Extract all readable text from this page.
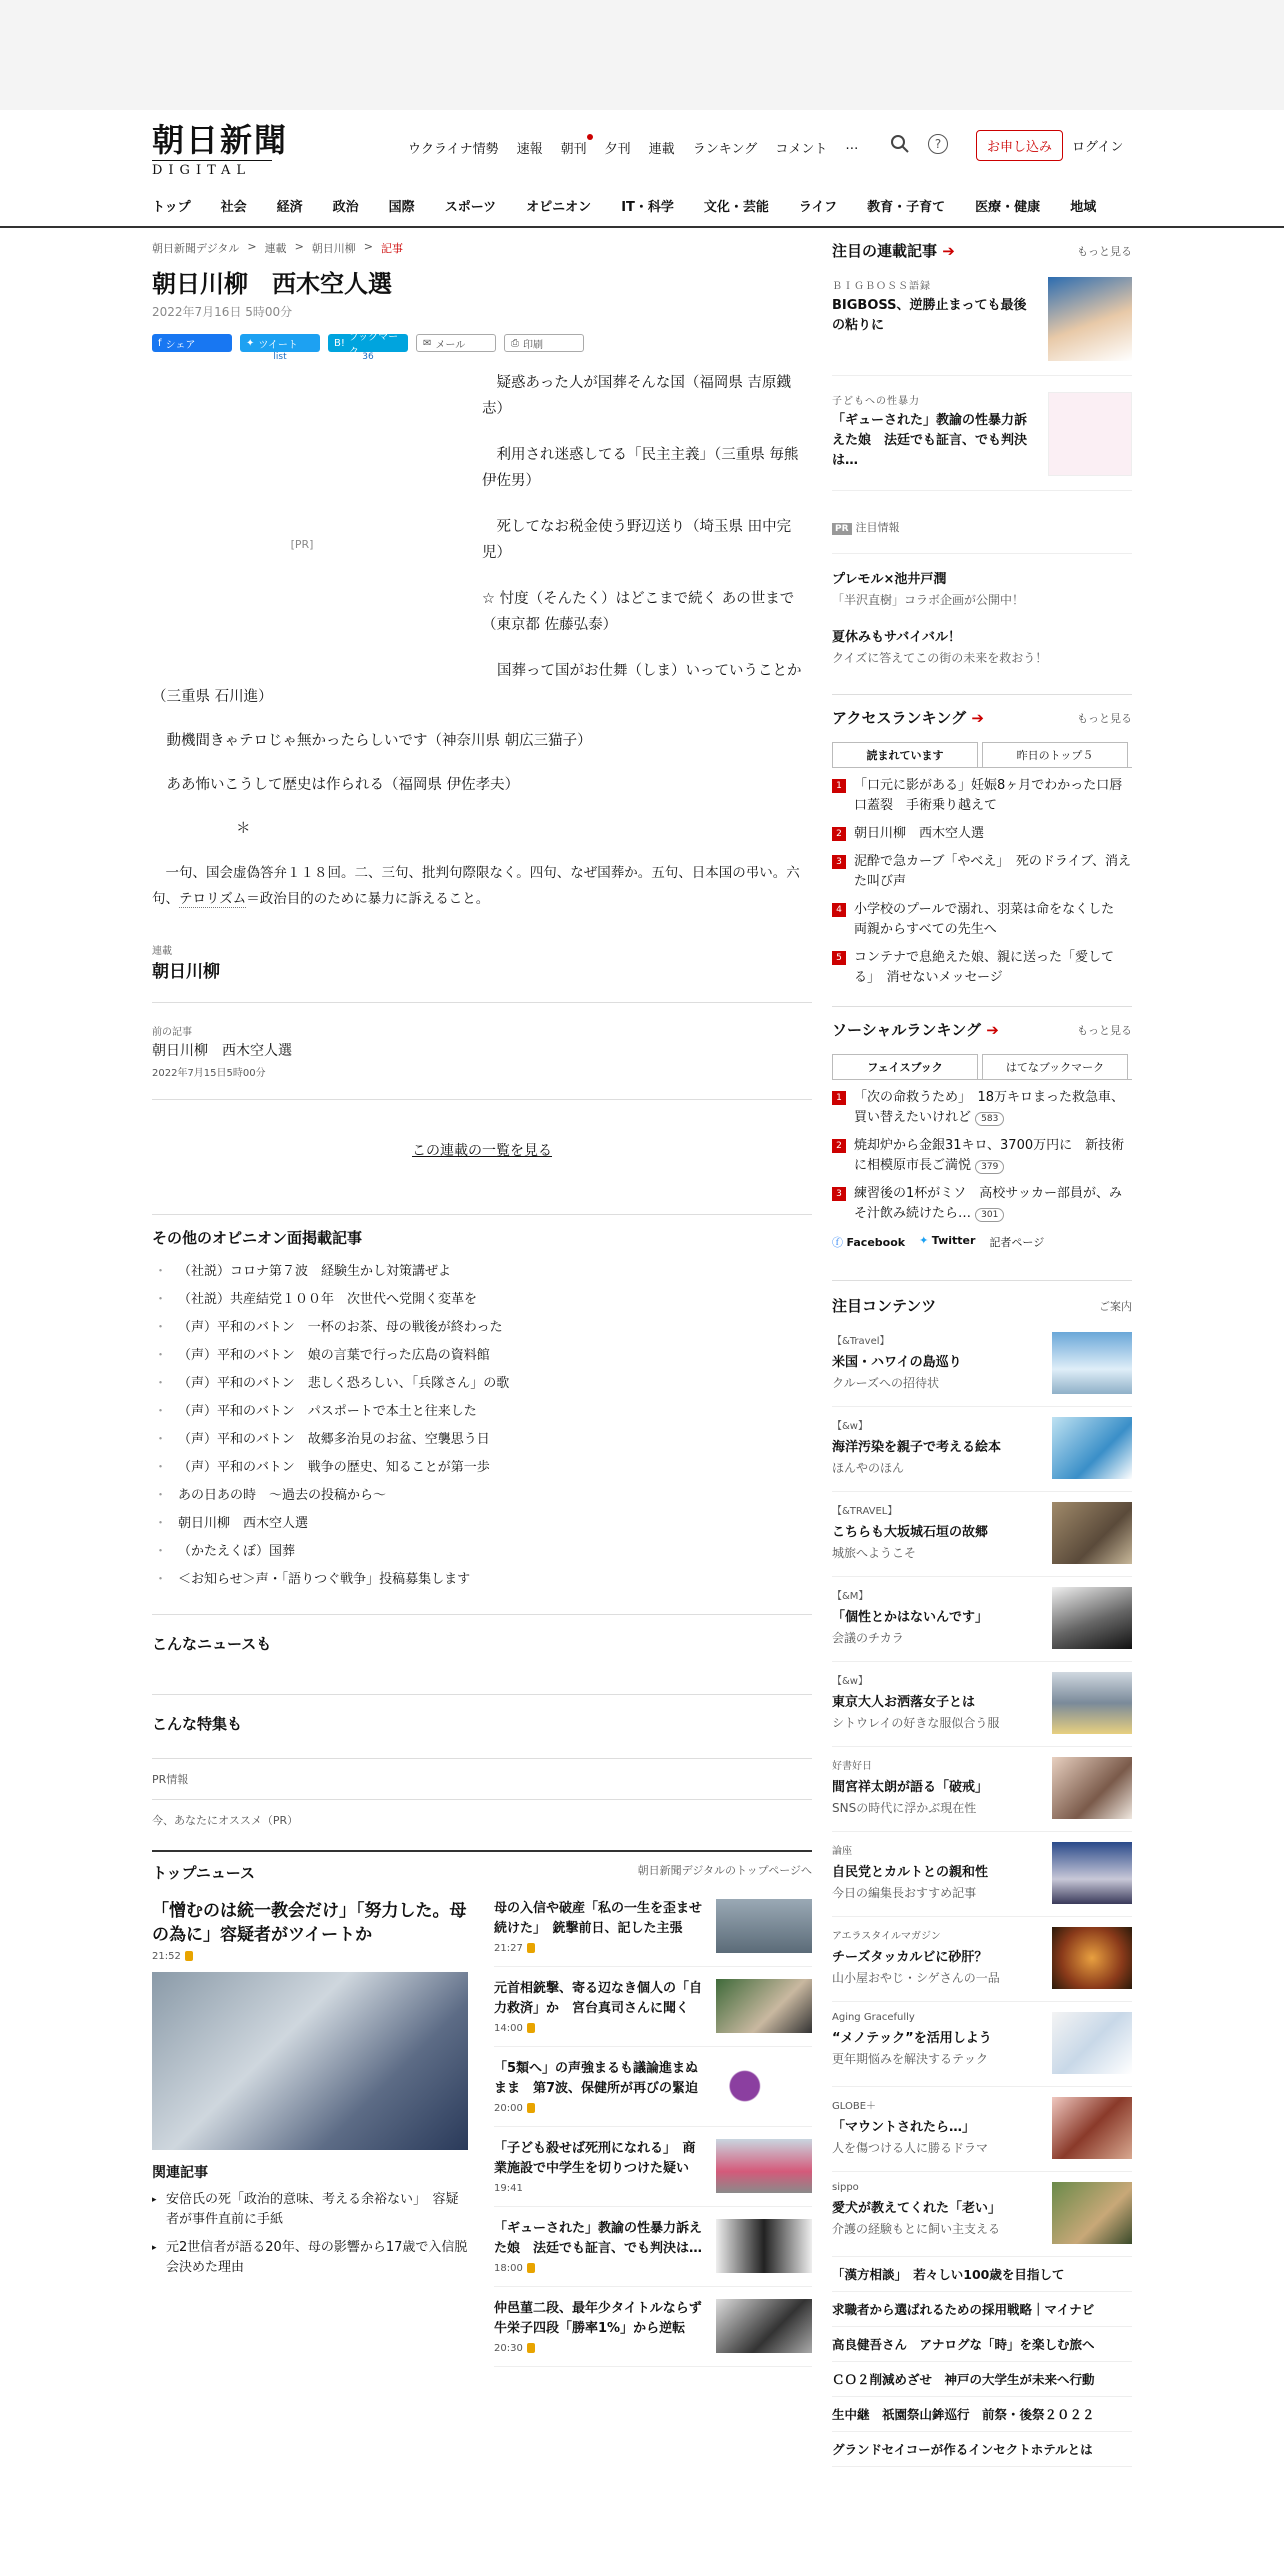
朝日新聞
DIGITAL
ウクライナ情勢 速報 朝刊 夕刊 連載 ランキング コメント …	?	お申し込み	ログイン
トップ 社会 経済 政治 国際 スポーツ オピニオン IT・科学 文化・芸能 ライフ 教育・子育て 医療・健康 地域
朝日新聞デジタル > 連載 > 朝日川柳 > 記事
朝日川柳　西木空人選
2022年7月16日 5時00分
f シェア	✦ ツイート
list
B! ブックマーク 36
✉ メール	⎙ 印刷
[PR]
疑惑あった人が国葬そんな国（福岡県 吉原鐡志）
利用され迷惑してる「民主主義」（三重県 毎熊伊佐男）
死してなお税金使う野辺送り（埼玉県 田中完児）
☆ 忖度（そんたく）はどこまで続く あの世まで（東京都 佐藤弘泰）

国葬って国がお仕舞（しま）いっていうことか（三重県 石川進）

動機間きゃテロじゃ無かったらしいです（神奈川県 朝広三猫子）

ああ怖いこうして歴史は作られる（福岡県 伊佐孝夫）

＊

一句、国会虚偽答弁１１８回。二、三句、批判句際限なく。四句、なぜ国葬か。五句、日本国の弔い。六句、テロリズム＝政治目的のために暴力に訴えること。

連載
朝日川柳
前の記事
朝日川柳　西木空人選
2022年7月15日5時00分
この連載の一覧を見る
その他のオピニオン面掲載記事
・ （社説）コロナ第７波　経験生かし対策講ぜよ
・ （社説）共産結党１００年　次世代へ党開く変革を
・ （声）平和のバトン　一杯のお茶、母の戦後が終わった
・ （声）平和のバトン　娘の言葉で行った広島の資料館
・ （声）平和のバトン　悲しく恐ろしい、「兵隊さん」の歌
・ （声）平和のバトン　パスポートで本土と往来した
・ （声）平和のバトン　故郷多治見のお盆、空襲思う日
・ （声）平和のバトン　戦争の歴史、知ることが第一歩
・ あの日あの時　～過去の投稿から～
・ 朝日川柳　西木空人選
・ （かたえくぼ）国葬
・ ＜お知らせ＞声・「語りつぐ戦争」投稿募集します
こんなニュースも
こんな特集も
PR情報
今、あなたにオススメ（PR）
トップニュース	朝日新聞デジタルのトップページへ
「憎むのは統一教会だけ」「努力した。母の為に」容疑者がツイートか
21:52
関連記事
▸ 安倍氏の死「政治的意味、考える余裕ない」　容疑者が事件直前に手紙
▸ 元2世信者が語る20年、母の影響から17歳で入信脱会決めた理由
母の入信や破産「私の一生を歪ませ続けた」　銃撃前日、記した主張
21:27
元首相銃撃、寄る辺なき個人の「自力救済」か　宮台真司さんに聞く
14:00
「5類へ」の声強まるも議論進まぬまま　第7波、保健所が再びの緊迫
20:00
「子ども殺せば死刑になれる」　商業施設で中学生を切りつけた疑い
19:41
「ギューされた」教諭の性暴力訴えた娘　法廷でも証言、でも判決は…
18:00
仲邑菫二段、最年少タイトルならず　牛栄子四段「勝率1%」から逆転
20:30
注目の連載記事 ➔	もっと見る
ＢＩＧＢＯＳＳ語録
BIGBOSS、逆勝止まっても最後の粘りに
子どもへの性暴力
「ギューされた」教諭の性暴力訴えた娘　法廷でも証言、でも判決は…
PR 注目情報
プレモル×池井戸潤
「半沢直樹」コラボ企画が公開中！
夏休みもサバイバル！
クイズに答えてこの街の未来を救おう！
アクセスランキング ➔	もっと見る
読まれています	昨日のトップ５
1 「口元に影がある」妊娠8ヶ月でわかった口唇口蓋裂　手術乗り越えて
2 朝日川柳　西木空人選
3 泥酔で急カーブ「やべえ」　死のドライブ、消えた叫び声
4 小学校のプールで溺れ、羽菜は命をなくした　両親からすべての先生へ
5 コンテナで息絶えた娘、親に送った「愛してる」　消せないメッセージ
ソーシャルランキング ➔	もっと見る
フェイスブック	はてなブックマーク
1 「次の命救うため」　18万キロまった救急車、買い替えたいけれど 583
2 焼却炉から金銀31キロ、3700万円に　新技術に相模原市長ご満悦 379
3 練習後の1杯がミソ　高校サッカー部員が、みそ汁飲み続けたら… 301
ⓕ Facebook ✦ Twitter 記者ページ
注目コンテンツ	ご案内
【&Travel】
米国・ハワイの島巡り
クルーズへの招待状
【&w】
海洋汚染を親子で考える絵本
ほんやのほん
【&TRAVEL】
こちらも大坂城石垣の故郷
城旅へようこそ
【&M】
「個性とかはないんです」
会議のチカラ
【&w】
東京大人お洒落女子とは
シトウレイの好きな服似合う服
好書好日
間宮祥太朗が語る「破戒」
SNSの時代に浮かぶ現在性
論座
自民党とカルトとの親和性
今日の編集長おすすめ記事
アエラスタイルマガジン
チーズタッカルビに砂肝？
山小屋おやじ・シゲさんの一品
Aging Gracefully
“メノテック”を活用しよう
更年期悩みを解決するテック
GLOBE＋
「マウントされたら…」
人を傷つける人に勝るドラマ
sippo
愛犬が教えてくれた「老い」
介護の経験もとに飼い主支える
「漢方相談」　若々しい100歳を目指して
求職者から選ばれるための採用戦略｜マイナビ
高良健吾さん　アナログな「時」を楽しむ旅へ
ＣＯ２削減めざせ　神戸の大学生が未来へ行動
生中継　祇園祭山鉾巡行　前祭・後祭２０２２
グランドセイコーが作るインセクトホテルとは
